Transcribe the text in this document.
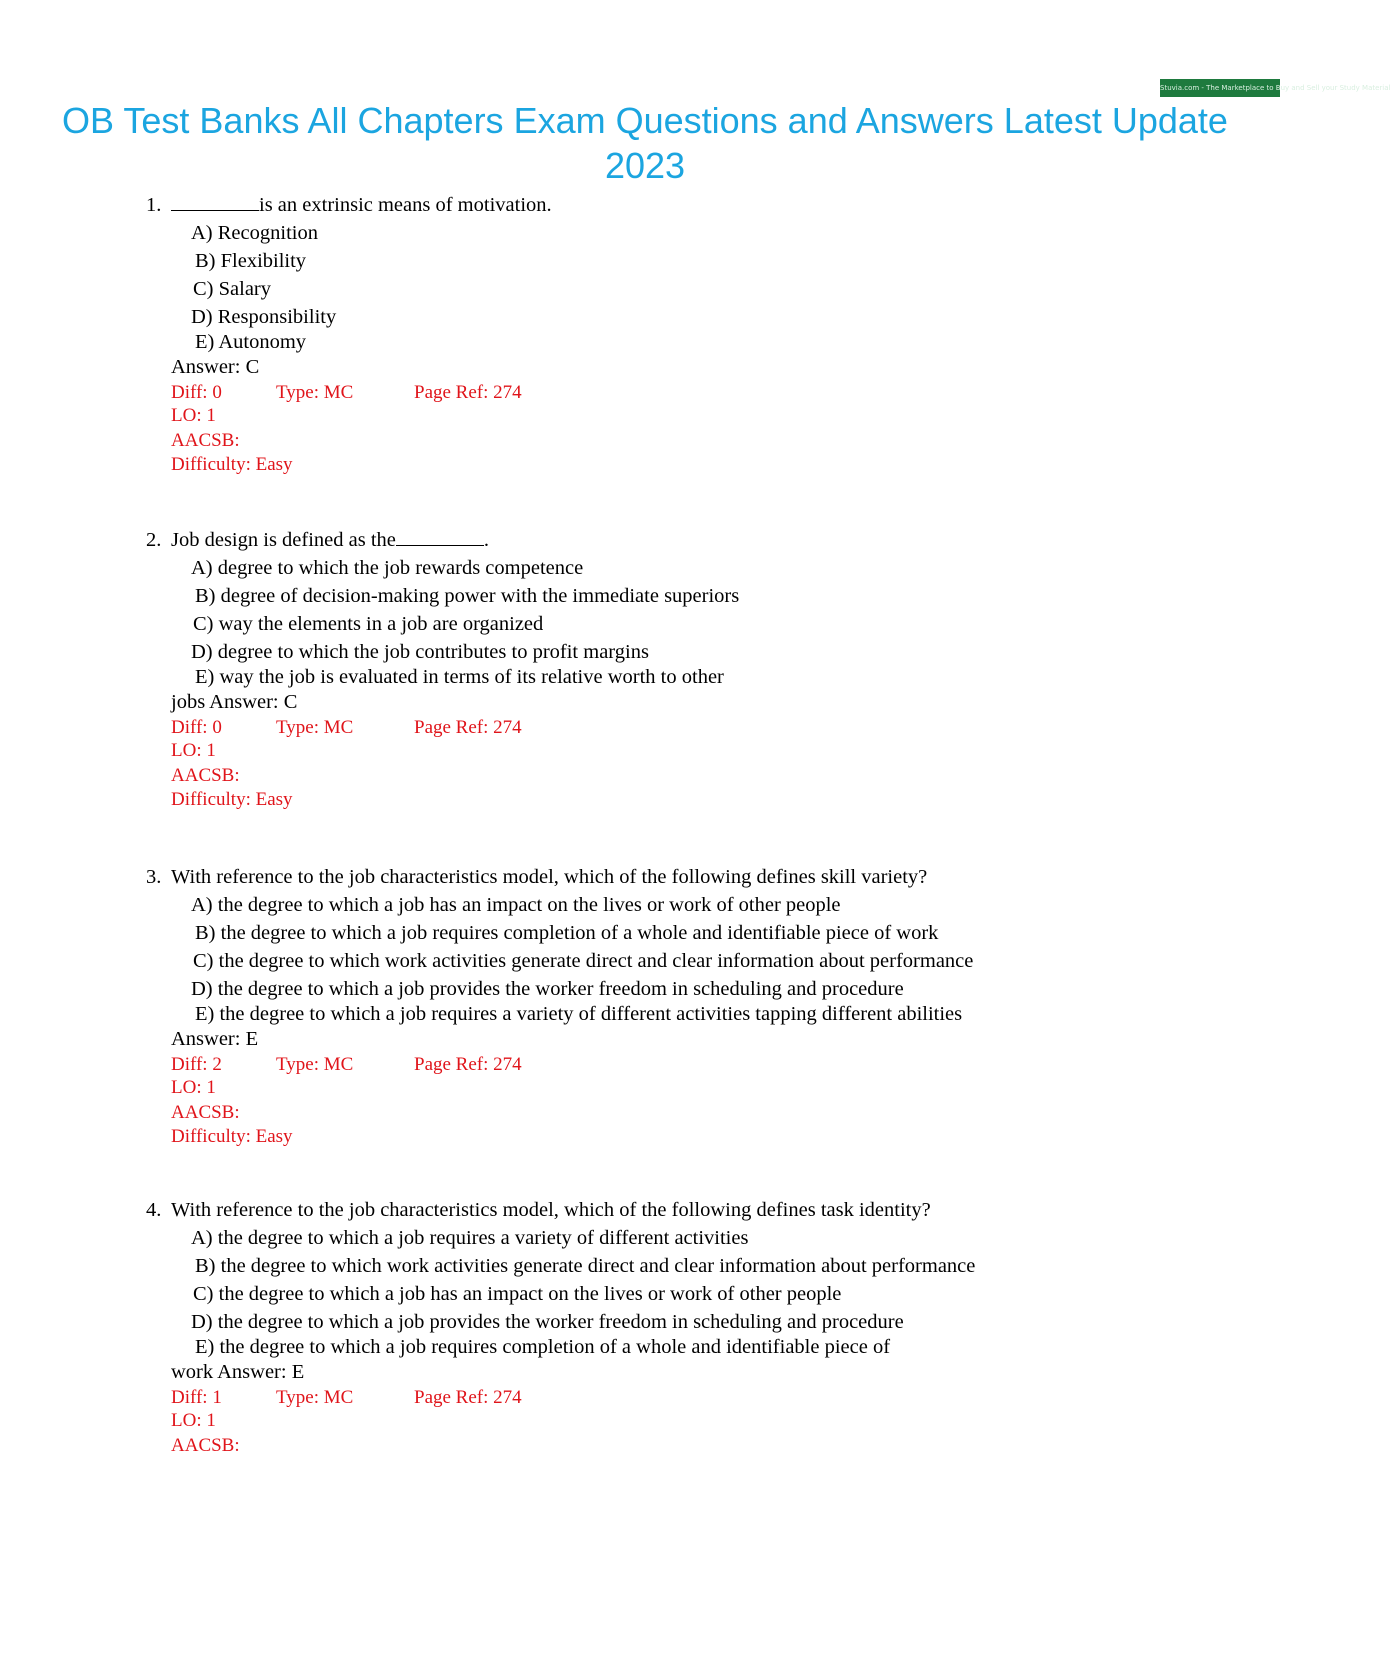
Stuvia.com - The Marketplace to Buy and Sell your Study Material
OB Test Banks All Chapters Exam Questions and Answers Latest Update 2023
1.	is an extrinsic means of motivation.
A) Recognition
B) Flexibility
C) Salary
D) Responsibility
E) Autonomy
Answer: C
Diff: 0	Type: MC	Page Ref: 274
LO: 1
AACSB:
Difficulty: Easy
2. Job design is defined as the	.
A) degree to which the job rewards competence
B) degree of decision-making power with the immediate superiors
C) way the elements in a job are organized
D) degree to which the job contributes to profit margins
E) way the job is evaluated in terms of its relative worth to other
jobs Answer: C
Diff: 0	Type: MC	Page Ref: 274
LO: 1
AACSB:
Difficulty: Easy
3. With reference to the job characteristics model, which of the following defines skill variety?
A) the degree to which a job has an impact on the lives or work of other people
B) the degree to which a job requires completion of a whole and identifiable piece of work
C) the degree to which work activities generate direct and clear information about performance
D) the degree to which a job provides the worker freedom in scheduling and procedure
E) the degree to which a job requires a variety of different activities tapping different abilities
Answer: E
Diff: 2	Type: MC	Page Ref: 274
LO: 1
AACSB:
Difficulty: Easy
4. With reference to the job characteristics model, which of the following defines task identity?
A) the degree to which a job requires a variety of different activities
B) the degree to which work activities generate direct and clear information about performance
C) the degree to which a job has an impact on the lives or work of other people
D) the degree to which a job provides the worker freedom in scheduling and procedure
E) the degree to which a job requires completion of a whole and identifiable piece of
work Answer: E
Diff: 1	Type: MC	Page Ref: 274
LO: 1
AACSB:
